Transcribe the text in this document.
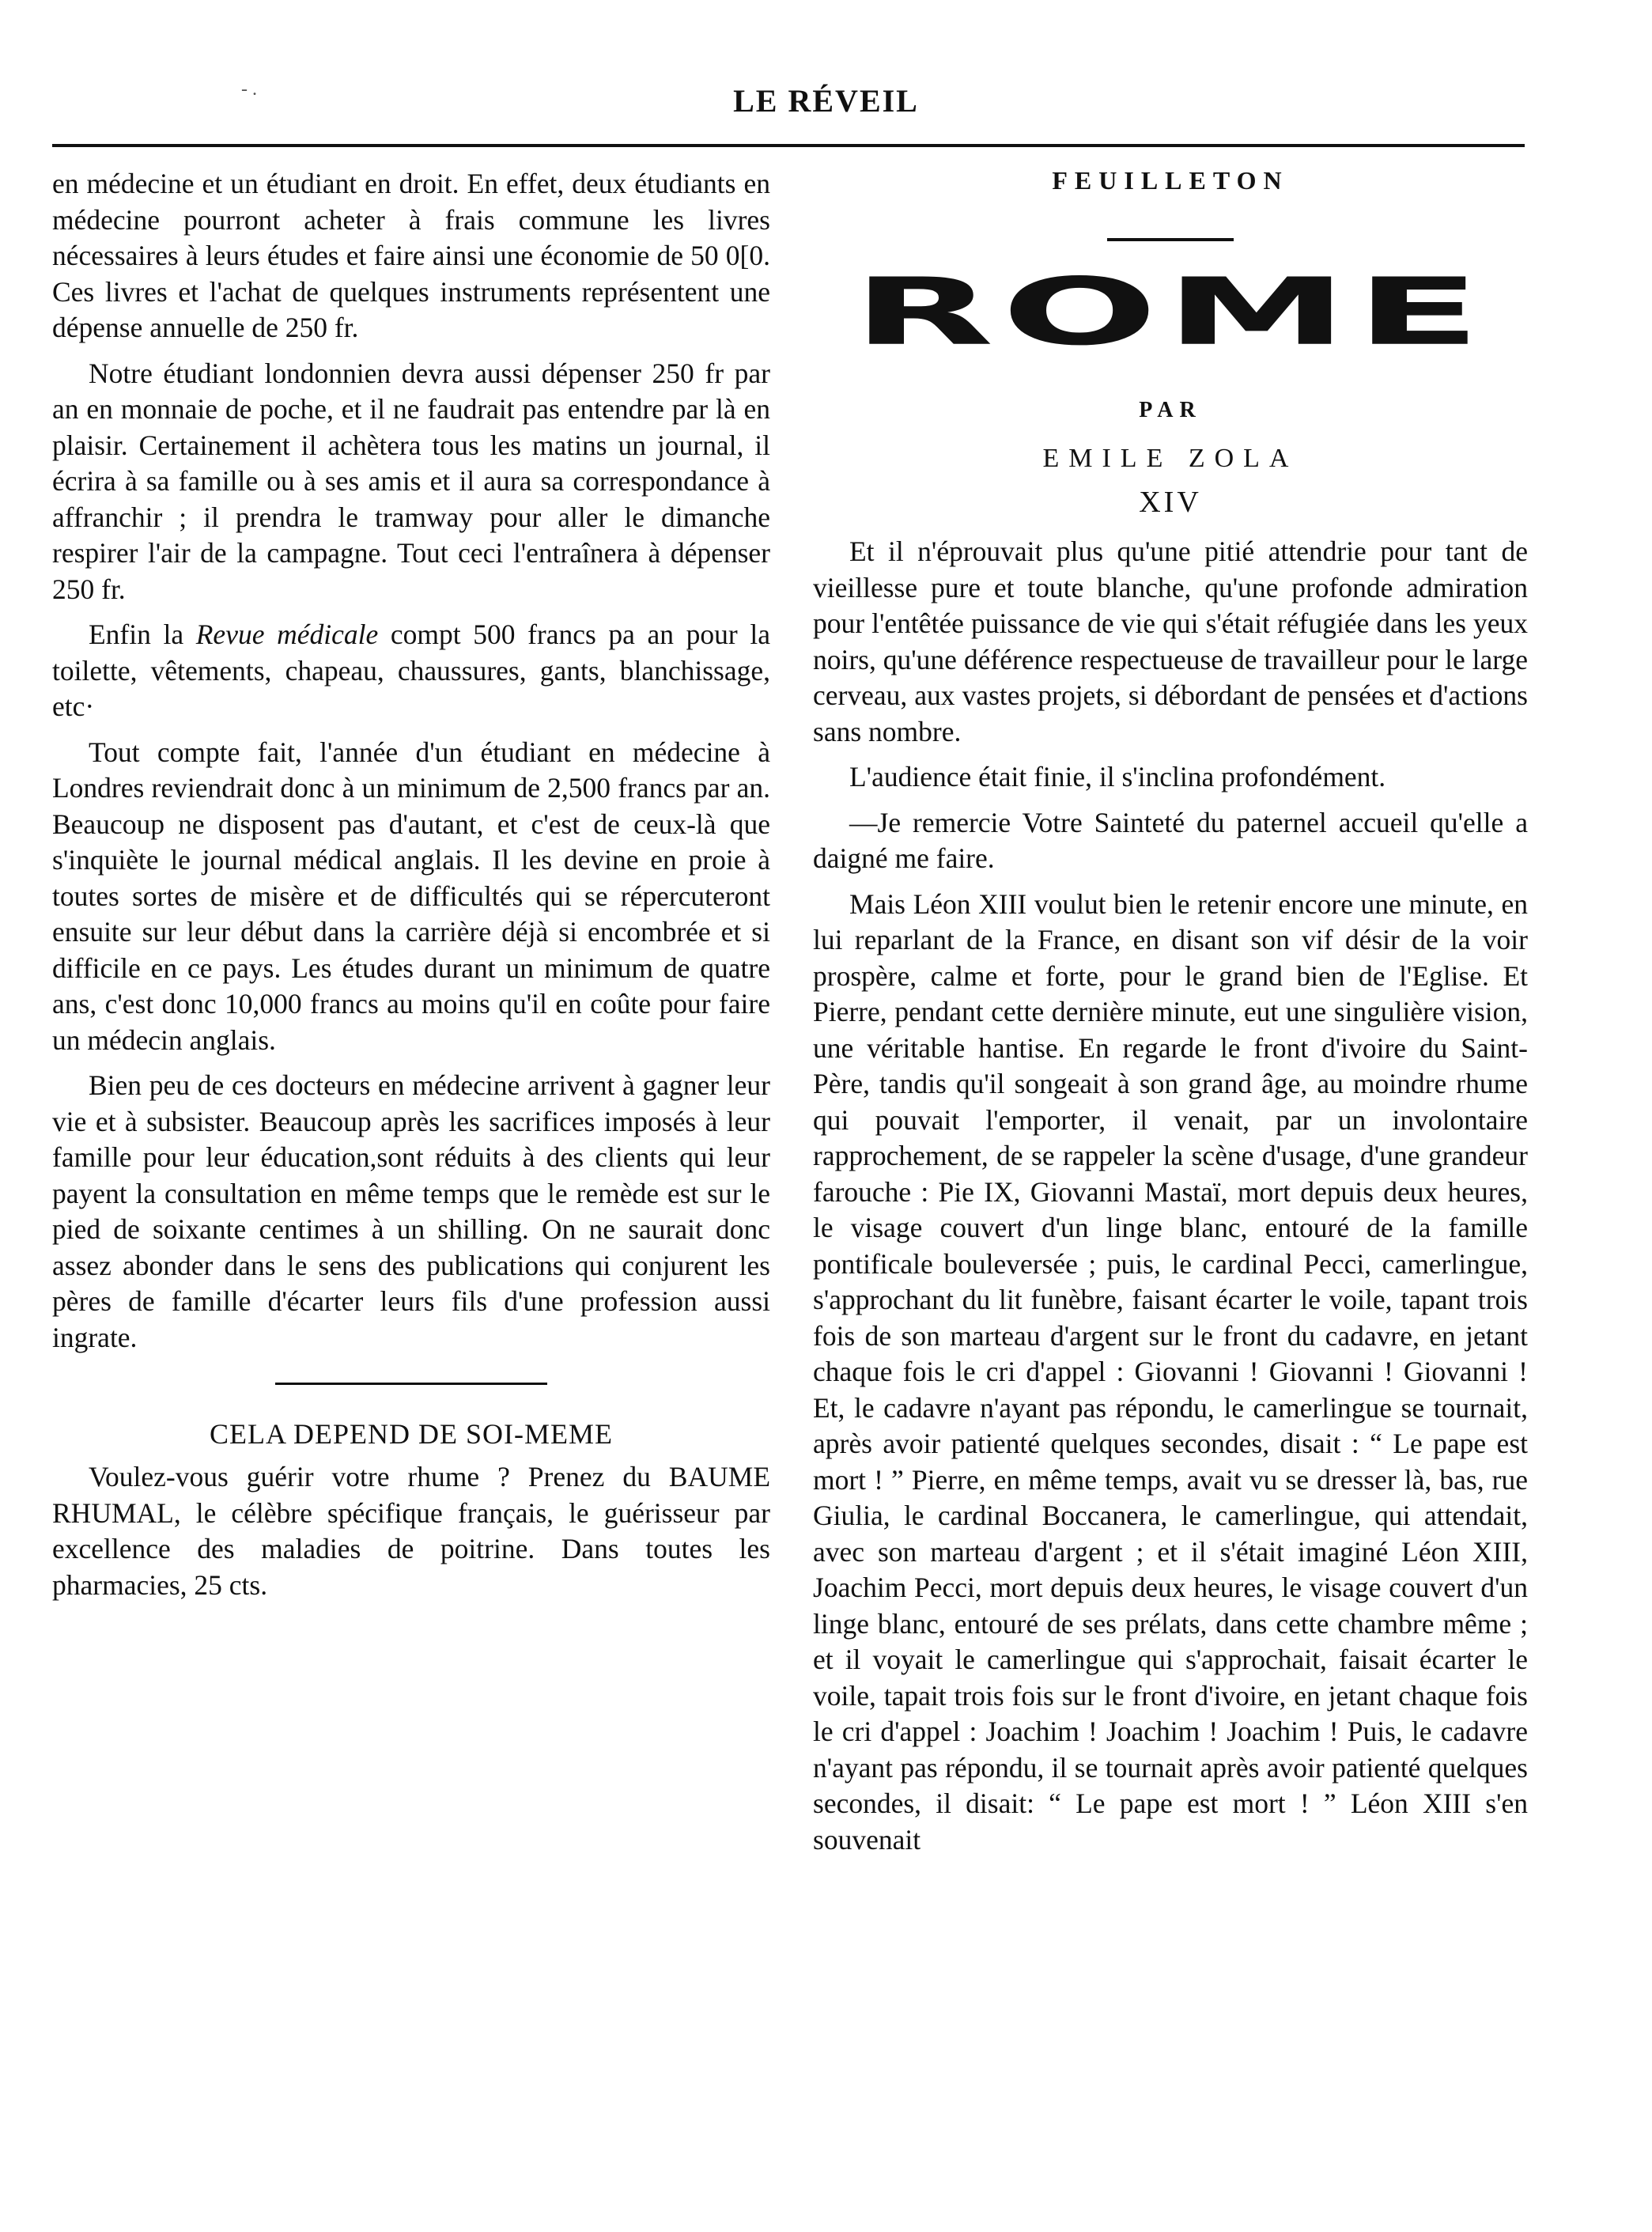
- .	LE RÉVEIL

en médecine et un étudiant en droit. En effet, deux étudiants en médecine pourront acheter à frais commune les livres nécessaires à leurs études et faire ainsi une économie de 50 0[0. Ces livres et l'achat de quelques instruments représentent une dépense annuelle de 250 fr.

Notre étudiant londonnien devra aussi dépenser 250 fr par an en monnaie de poche, et il ne faudrait pas entendre par là en plaisir. Certainement il achètera tous les matins un journal, il écrira à sa famille ou à ses amis et il aura sa correspondance à affranchir ; il prendra le tramway pour aller le dimanche respirer l'air de la campagne. Tout ceci l'entraînera à dépenser 250 fr.

Enfin la Revue médicale compt 500 francs pa an pour la toilette, vêtements, chapeau, chaussures, gants, blanchissage, etc·

Tout compte fait, l'année d'un étudiant en médecine à Londres reviendrait donc à un minimum de 2,500 francs par an. Beaucoup ne disposent pas d'autant, et c'est de ceux-là que s'inquiète le journal médical anglais. Il les devine en proie à toutes sortes de misère et de difficultés qui se répercuteront ensuite sur leur début dans la carrière déjà si encombrée et si difficile en ce pays. Les études durant un minimum de quatre ans, c'est donc 10,000 francs au moins qu'il en coûte pour faire un médecin anglais.

Bien peu de ces docteurs en médecine arrivent à gagner leur vie et à subsister. Beaucoup après les sacrifices imposés à leur famille pour leur éducation,sont réduits à des clients qui leur payent la consultation en même temps que le remède est sur le pied de soixante centimes à un shilling. On ne saurait donc assez abonder dans le sens des publications qui conjurent les pères de famille d'écarter leurs fils d'une profession aussi ingrate.

CELA DEPEND DE SOI-MEME

Voulez-vous guérir votre rhume ? Prenez du BAUME RHUMAL, le célèbre spécifique français, le guérisseur par excellence des maladies de poitrine. Dans toutes les pharmacies, 25 cts.

FEUILLETON
ROME
PAR
EMILE ZOLA
XIV

Et il n'éprouvait plus qu'une pitié attendrie pour tant de vieillesse pure et toute blanche, qu'une profonde admiration pour l'entêtée puissance de vie qui s'était réfugiée dans les yeux noirs, qu'une déférence respectueuse de travailleur pour le large cerveau, aux vastes projets, si débordant de pensées et d'actions sans nombre.

L'audience était finie, il s'inclina profondément.

—Je remercie Votre Sainteté du paternel accueil qu'elle a daigné me faire.

Mais Léon XIII voulut bien le retenir encore une minute, en lui reparlant de la France, en disant son vif désir de la voir prospère, calme et forte, pour le grand bien de l'Eglise. Et Pierre, pendant cette dernière minute, eut une singulière vision, une véritable hantise. En regarde le front d'ivoire du Saint-Père, tandis qu'il songeait à son grand âge, au moindre rhume qui pouvait l'emporter, il venait, par un involontaire rapprochement, de se rappeler la scène d'usage, d'une grandeur farouche : Pie IX, Giovanni Mastaï, mort depuis deux heures, le visage couvert d'un linge blanc, entouré de la famille pontificale bouleversée ; puis, le cardinal Pecci, camerlingue, s'approchant du lit funèbre, faisant écarter le voile, tapant trois fois de son marteau d'argent sur le front du cadavre, en jetant chaque fois le cri d'appel : Giovanni ! Giovanni ! Giovanni ! Et, le cadavre n'ayant pas répondu, le camerlingue se tournait, après avoir patienté quelques secondes, disait : “ Le pape est mort ! ” Pierre, en même temps, avait vu se dresser là, bas, rue Giulia, le cardinal Boccanera, le camerlingue, qui attendait, avec son marteau d'argent ; et il s'était imaginé Léon XIII, Joachim Pecci, mort depuis deux heures, le visage couvert d'un linge blanc, entouré de ses prélats, dans cette chambre même ; et il voyait le camerlingue qui s'approchait, faisait écarter le voile, tapait trois fois sur le front d'ivoire, en jetant chaque fois le cri d'appel : Joachim ! Joachim ! Joachim ! Puis, le cadavre n'ayant pas répondu, il se tournait après avoir patienté quelques secondes, il disait: “ Le pape est mort ! ” Léon XIII s'en souvenait
